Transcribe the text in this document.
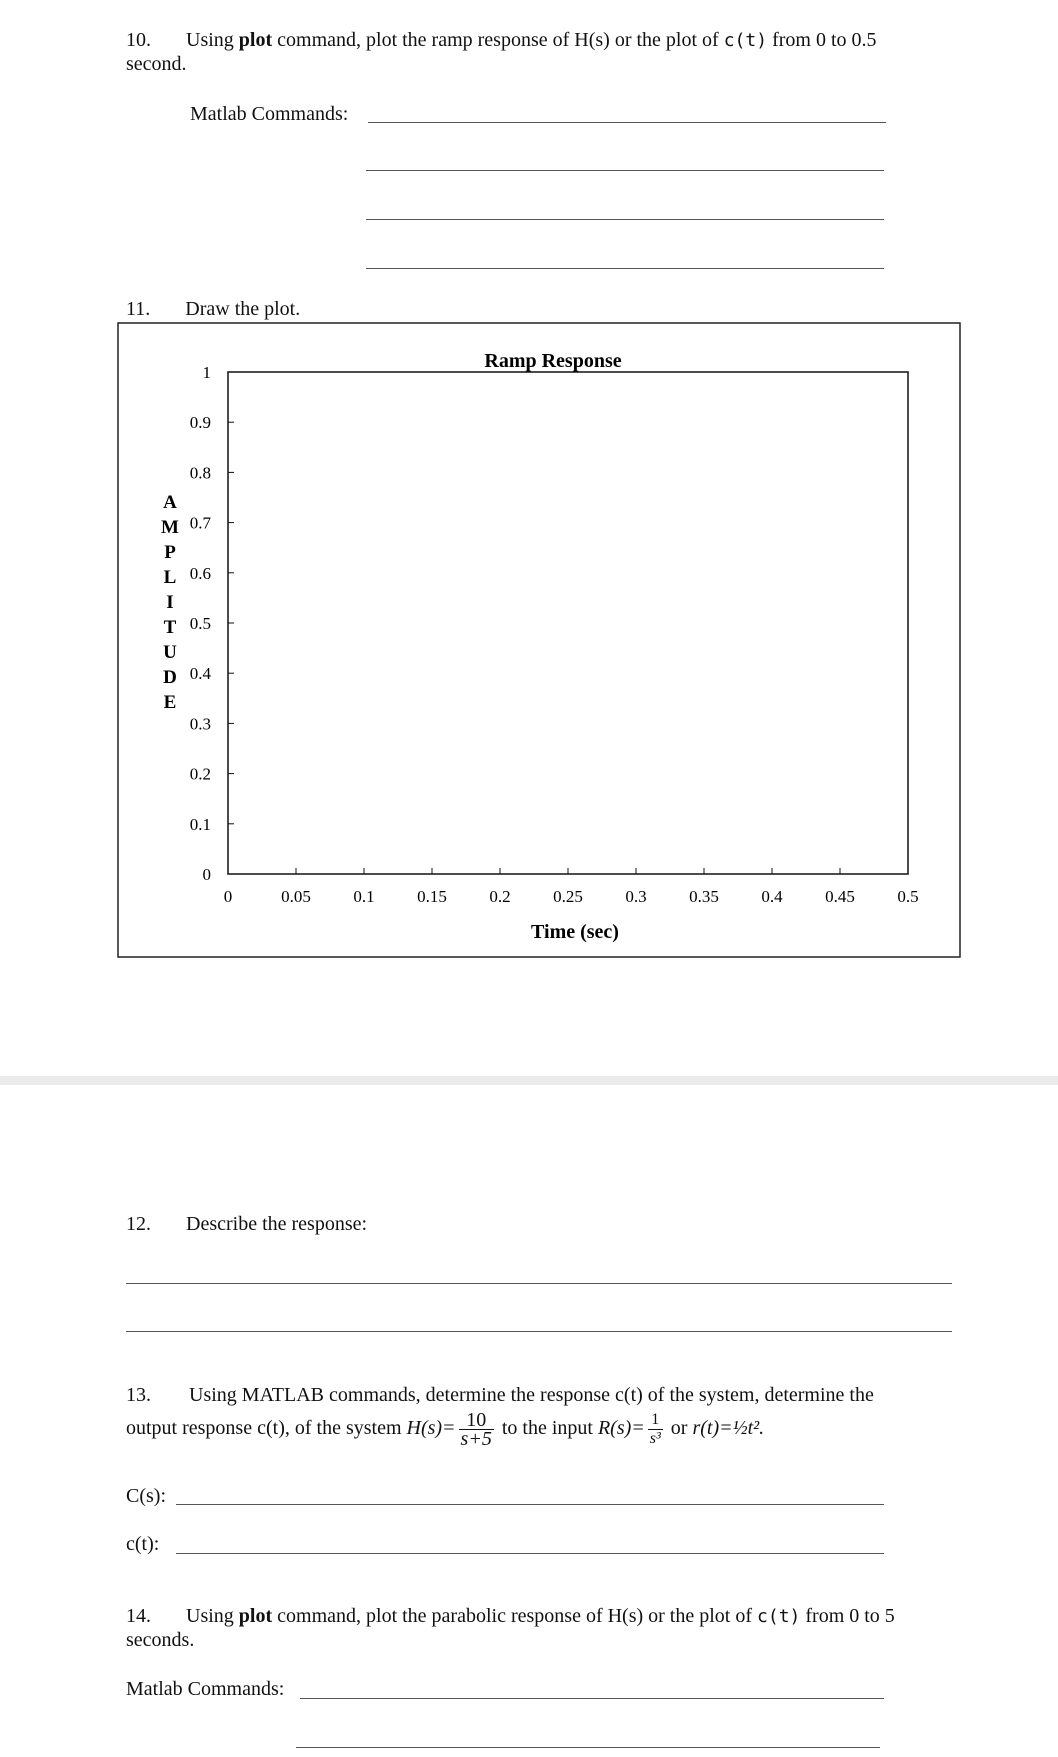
10. Using plot command, plot the ramp response of H(s) or the plot of c(t) from 0 to 0.5
second.
Matlab Commands:
11. Draw the plot.
Ramp Response
0	0.05	0.1	0.15	0.2	0.25	0.3	0.35	0.4	0.45	0.5
0
0.1
0.2
0.3
0.4
0.5
0.6
0.7
0.8
0.9
1
A
M
P
L
I
T
U
D
E
Time (sec)
12. Describe the response:
13. Using MATLAB commands, determine the response c(t) of the system, determine the
output response c(t), of the system $H(s)= \frac{10}{s+5}$ to the input $R(s)= \frac{1}{\text{s³}}$ or r(t)=½t².
C(s):
c(t):
14. Using plot command, plot the parabolic response of H(s) or the plot of c(t) from 0 to 5
seconds.
Matlab Commands:
